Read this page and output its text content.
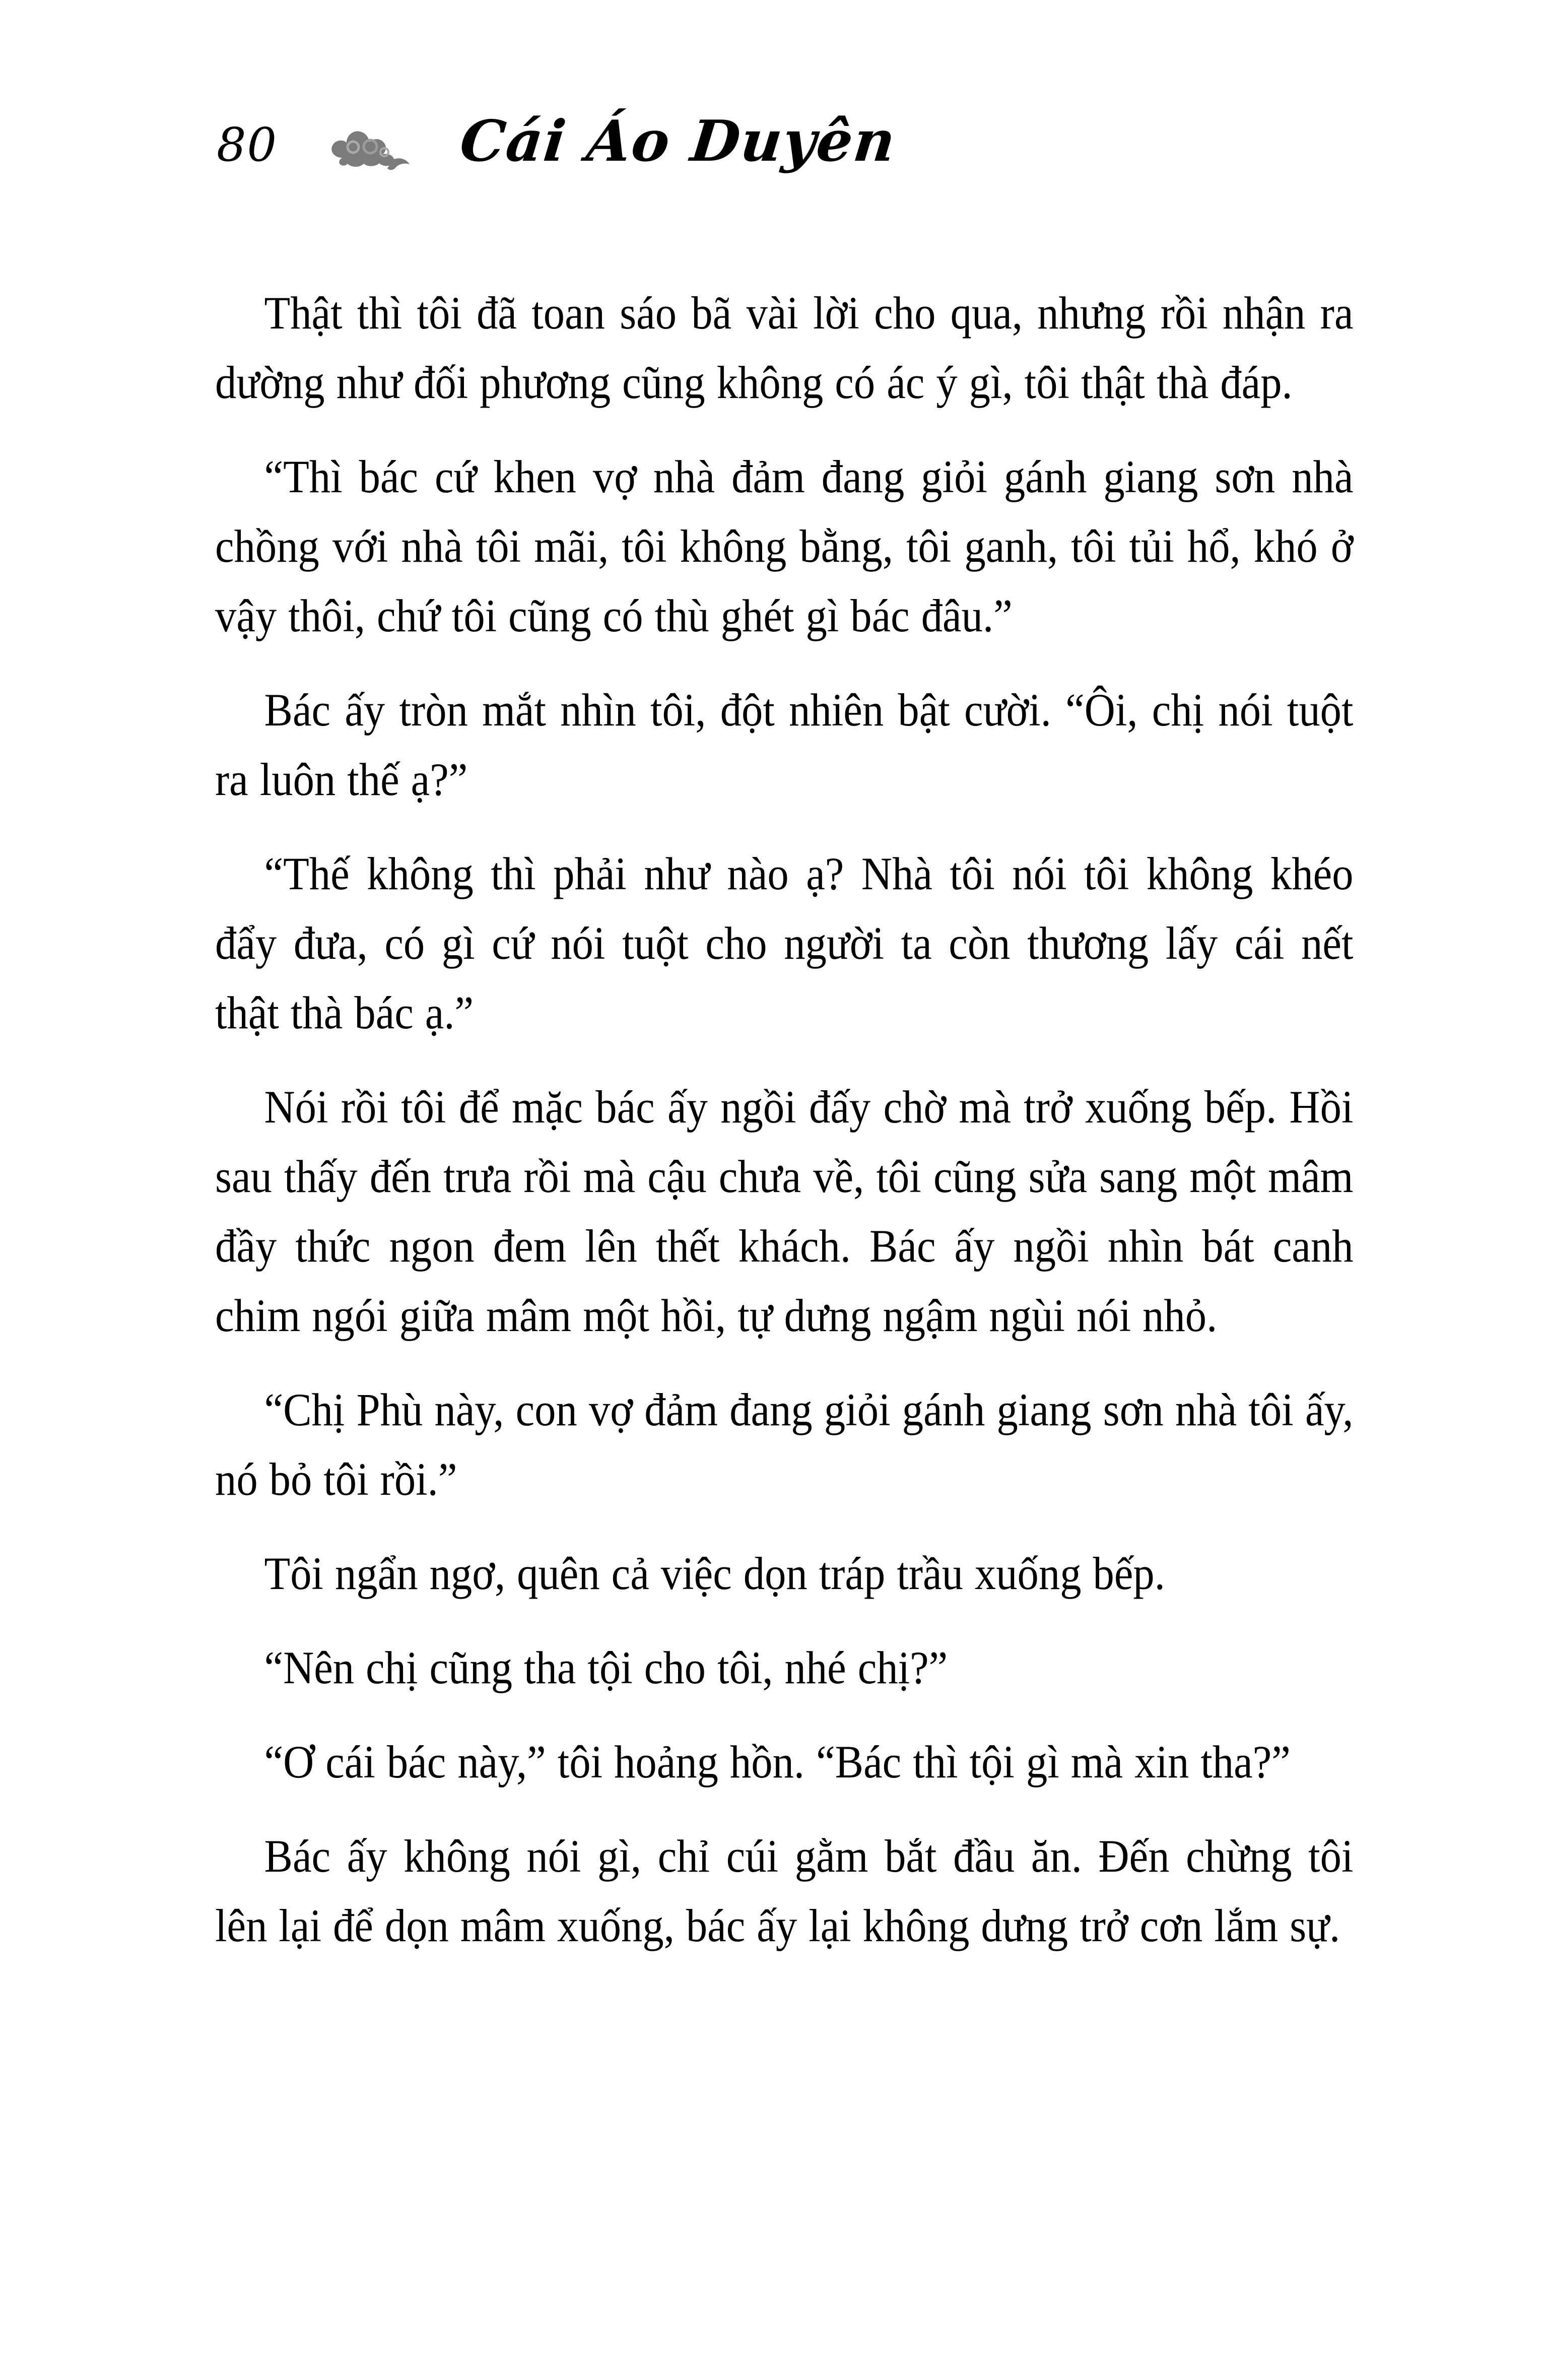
80	Cái Áo Duyên

Thật thì tôi đã toan sáo bã vài lời cho qua, nhưng rồi nhận ra dường như đối phương cũng không có ác ý gì, tôi thật thà đáp.

“Thì bác cứ khen vợ nhà đảm đang giỏi gánh giang sơn nhà chồng với nhà tôi mãi, tôi không bằng, tôi ganh, tôi tủi hổ, khó ở vậy thôi, chứ tôi cũng có thù ghét gì bác đâu.”

Bác ấy tròn mắt nhìn tôi, đột nhiên bật cười. “Ôi, chị nói tuột ra luôn thế ạ?”

“Thế không thì phải như nào ạ? Nhà tôi nói tôi không khéo đẩy đưa, có gì cứ nói tuột cho người ta còn thương lấy cái nết thật thà bác ạ.”

Nói rồi tôi để mặc bác ấy ngồi đấy chờ mà trở xuống bếp. Hồi sau thấy đến trưa rồi mà cậu chưa về, tôi cũng sửa sang một mâm đầy thức ngon đem lên thết khách. Bác ấy ngồi nhìn bát canh chim ngói giữa mâm một hồi, tự dưng ngậm ngùi nói nhỏ.

“Chị Phù này, con vợ đảm đang giỏi gánh giang sơn nhà tôi ấy, nó bỏ tôi rồi.”

Tôi ngẩn ngơ, quên cả việc dọn tráp trầu xuống bếp.

“Nên chị cũng tha tội cho tôi, nhé chị?”

“Ơ cái bác này,” tôi hoảng hồn. “Bác thì tội gì mà xin tha?”

Bác ấy không nói gì, chỉ cúi gằm bắt đầu ăn. Đến chừng tôi lên lại để dọn mâm xuống, bác ấy lại không dưng trở cơn lắm sự.
